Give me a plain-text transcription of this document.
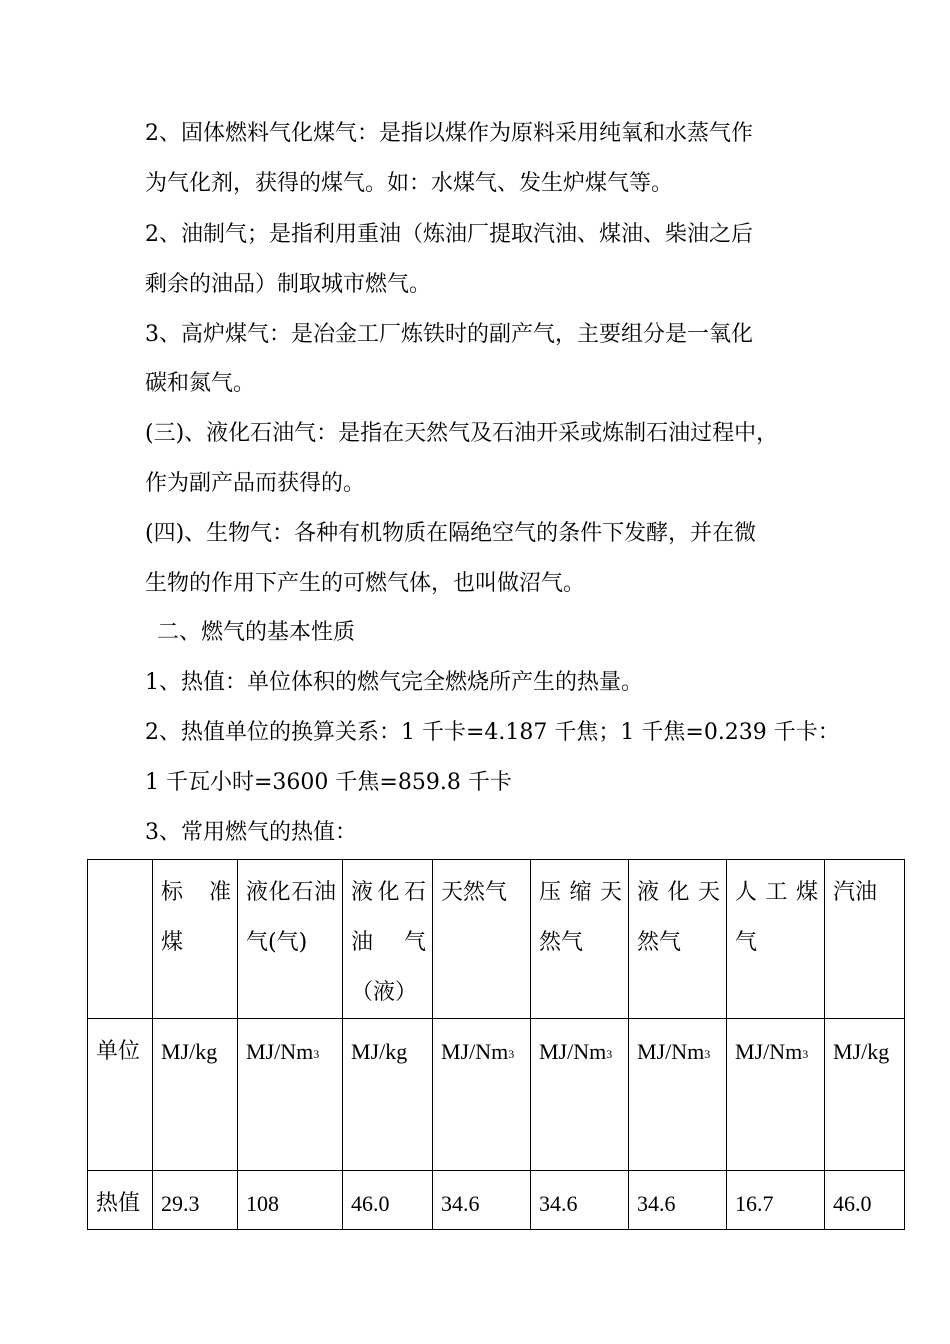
2、固体燃料气化煤气：是指以煤作为原料采用纯氧和水蒸气作

为气化剂，获得的煤气。如：水煤气、发生炉煤气等。

2、油制气；是指利用重油（炼油厂提取汽油、煤油、柴油之后

剩余的油品）制取城市燃气。

3、高炉煤气：是冶金工厂炼铁时的副产气，主要组分是一氧化

碳和氮气。

(三)、液化石油气：是指在天然气及石油开采或炼制石油过程中，

作为副产品而获得的。

(四)、生物气：各种有机物质在隔绝空气的条件下发酵，并在微

生物的作用下产生的可燃气体，也叫做沼气。

二、燃气的基本性质

1、热值：单位体积的燃气完全燃烧所产生的热量。

2、热值单位的换算关系：1 千卡=4.187 千焦；1 千焦=0.239 千卡：

1 千瓦小时=3600 千焦=859.8 千卡

3、常用燃气的热值：

	标　准煤	液化石油气(气)	液化石油　气（液）	天然气	压缩天然气	液化天然气	人工煤气	汽油
单位	MJ/kg	MJ/Nm$^3$	MJ/kg	MJ/Nm$^3$	MJ/Nm$^3$	MJ/Nm$^3$	MJ/Nm$^3$	MJ/kg
热值	29.3	108	46.0	34.6	34.6	34.6	16.7	46.0
